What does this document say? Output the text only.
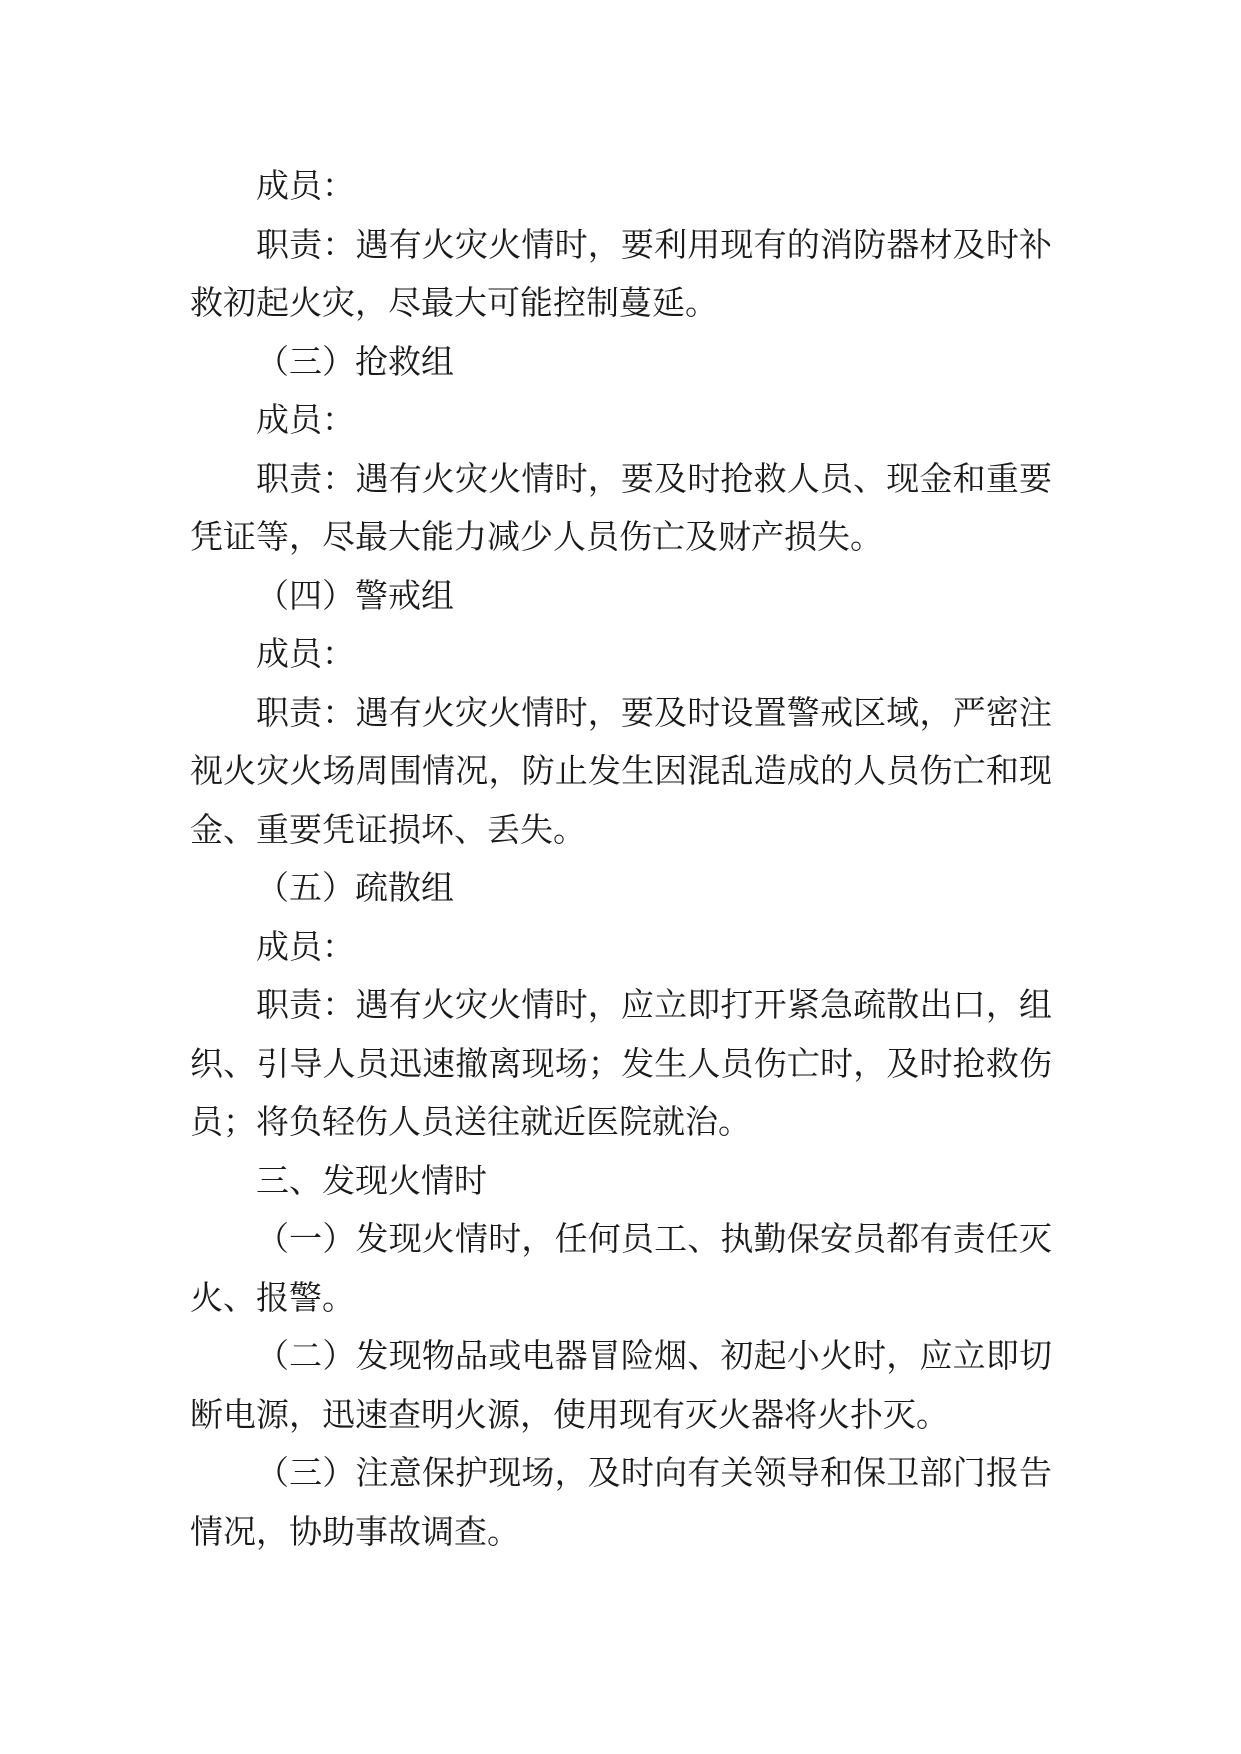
成员：
职责：遇有火灾火情时，要利用现有的消防器材及时补
救初起火灾，尽最大可能控制蔓延。
（三）抢救组
成员：
职责：遇有火灾火情时，要及时抢救人员、现金和重要
凭证等，尽最大能力减少人员伤亡及财产损失。
（四）警戒组
成员：
职责：遇有火灾火情时，要及时设置警戒区域，严密注
视火灾火场周围情况，防止发生因混乱造成的人员伤亡和现
金、重要凭证损坏、丢失。
（五）疏散组
成员：
职责：遇有火灾火情时，应立即打开紧急疏散出口，组
织、引导人员迅速撤离现场；发生人员伤亡时，及时抢救伤
员；将负轻伤人员送往就近医院就治。
三、发现火情时
（一）发现火情时，任何员工、执勤保安员都有责任灭
火、报警。
（二）发现物品或电器冒险烟、初起小火时，应立即切
断电源，迅速查明火源，使用现有灭火器将火扑灭。
（三）注意保护现场，及时向有关领导和保卫部门报告
情况，协助事故调查。
